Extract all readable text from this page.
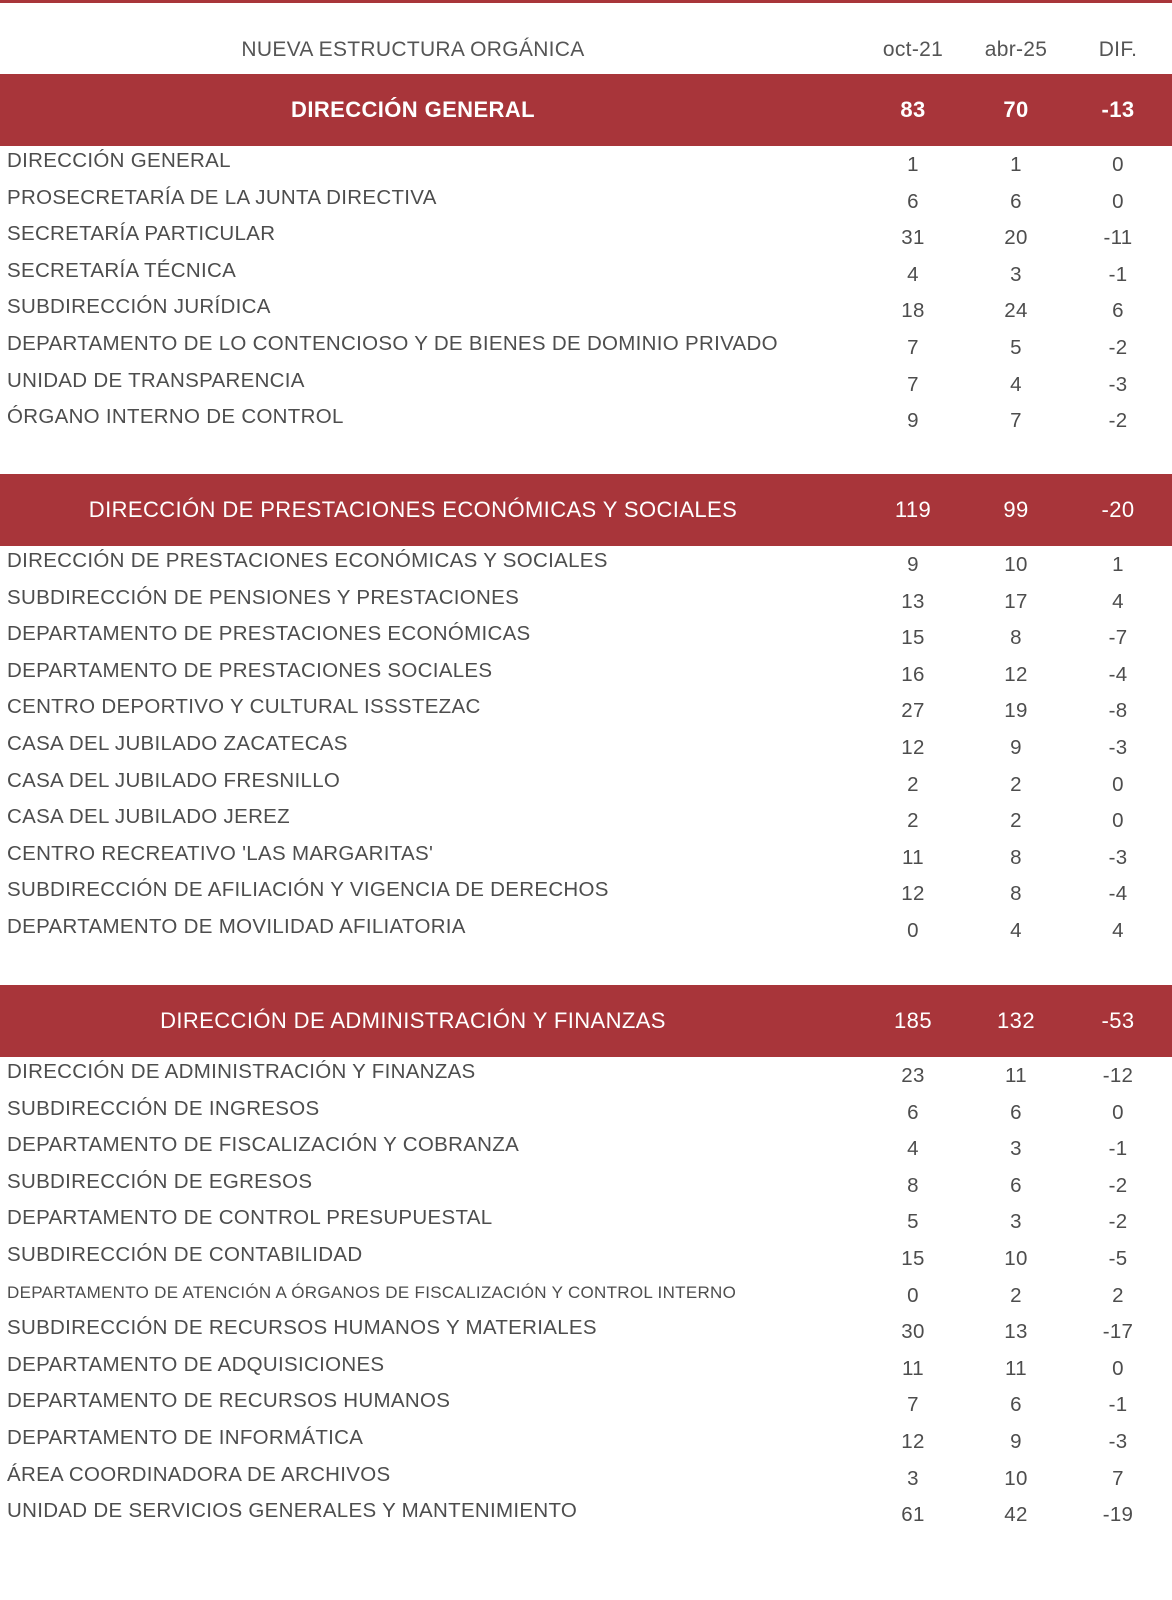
NUEVA ESTRUCTURA ORGÁNICA	oct-21	abr-25	DIF.
DIRECCIÓN GENERAL	83	70	-13
DIRECCIÓN GENERAL	1	1	0
PROSECRETARÍA DE LA JUNTA DIRECTIVA	6	6	0
SECRETARÍA PARTICULAR	31	20	-11
SECRETARÍA TÉCNICA	4	3	-1
SUBDIRECCIÓN JURÍDICA	18	24	6
DEPARTAMENTO DE LO CONTENCIOSO Y DE BIENES DE DOMINIO PRIVADO	7	5	-2
UNIDAD DE TRANSPARENCIA	7	4	-3
ÓRGANO INTERNO DE CONTROL	9	7	-2
DIRECCIÓN DE PRESTACIONES ECONÓMICAS Y SOCIALES	119	99	-20
DIRECCIÓN DE PRESTACIONES ECONÓMICAS Y SOCIALES	9	10	1
SUBDIRECCIÓN DE PENSIONES Y PRESTACIONES	13	17	4
DEPARTAMENTO DE PRESTACIONES ECONÓMICAS	15	8	-7
DEPARTAMENTO DE PRESTACIONES SOCIALES	16	12	-4
CENTRO DEPORTIVO Y CULTURAL ISSSTEZAC	27	19	-8
CASA DEL JUBILADO ZACATECAS	12	9	-3
CASA DEL JUBILADO FRESNILLO	2	2	0
CASA DEL JUBILADO JEREZ	2	2	0
CENTRO RECREATIVO 'LAS MARGARITAS'	11	8	-3
SUBDIRECCIÓN DE AFILIACIÓN Y VIGENCIA DE DERECHOS	12	8	-4
DEPARTAMENTO DE MOVILIDAD AFILIATORIA	0	4	4
DIRECCIÓN DE ADMINISTRACIÓN Y FINANZAS	185	132	-53
DIRECCIÓN DE ADMINISTRACIÓN Y FINANZAS	23	11	-12
SUBDIRECCIÓN DE INGRESOS	6	6	0
DEPARTAMENTO DE FISCALIZACIÓN Y COBRANZA	4	3	-1
SUBDIRECCIÓN DE EGRESOS	8	6	-2
DEPARTAMENTO DE CONTROL PRESUPUESTAL	5	3	-2
SUBDIRECCIÓN DE CONTABILIDAD	15	10	-5
DEPARTAMENTO DE ATENCIÓN A ÓRGANOS DE FISCALIZACIÓN Y CONTROL INTERNO	0	2	2
SUBDIRECCIÓN DE RECURSOS HUMANOS Y MATERIALES	30	13	-17
DEPARTAMENTO DE ADQUISICIONES	11	11	0
DEPARTAMENTO DE RECURSOS HUMANOS	7	6	-1
DEPARTAMENTO DE INFORMÁTICA	12	9	-3
ÁREA COORDINADORA DE ARCHIVOS	3	10	7
UNIDAD DE SERVICIOS GENERALES Y MANTENIMIENTO	61	42	-19
